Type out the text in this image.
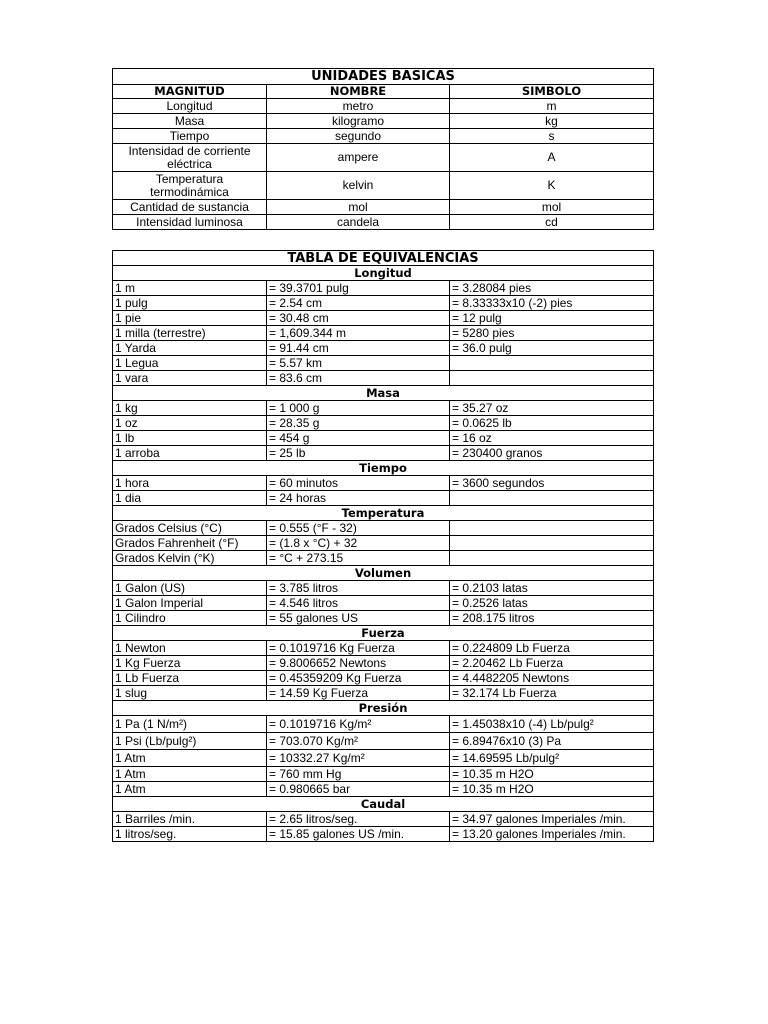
UNIDADES BASICAS		
MAGNITUD	NOMBRE	SIMBOLO
Longitud	metro	m
Masa	kilogramo	kg
Tiempo	segundo	s
Intensidad de corriente eléctrica	ampere	A
Temperatura termodinámica	kelvin	K
Cantidad de sustancia	mol	mol
Intensidad luminosa	candela	cd
TABLA DE EQUIVALENCIAS		
Longitud		
1 m	= 39.3701 pulg	= 3.28084 pies
1 pulg	= 2.54 cm	= 8.33333x10 (-2) pies
1 pie	= 30.48 cm	= 12 pulg
1 milla (terrestre)	= 1,609.344 m	= 5280 pies
1 Yarda	= 91.44 cm	= 36.0 pulg
1 Legua	= 5.57 km	
1 vara	= 83.6 cm	
Masa		
1 kg	= 1 000 g	= 35.27 oz
1 oz	= 28.35 g	= 0.0625 lb
1 lb	= 454 g	= 16 oz
1 arroba	= 25 lb	= 230400 granos
Tiempo		
1 hora	= 60 minutos	= 3600 segundos
1 dia	= 24 horas	
Temperatura		
Grados Celsius (°C)	= 0.555 (°F - 32)	
Grados Fahrenheit (°F)	= (1.8 x °C) + 32	
Grados Kelvin (°K)	= °C + 273.15	
Volumen		
1 Galon (US)	= 3.785 litros	= 0.2103 latas
1 Galon Imperial	= 4.546 litros	= 0.2526 latas
1 Cilindro	= 55 galones US	= 208.175 litros
Fuerza		
1 Newton	= 0.1019716 Kg Fuerza	= 0.224809 Lb Fuerza
1 Kg Fuerza	= 9.8006652 Newtons	= 2.20462 Lb Fuerza
1 Lb Fuerza	= 0.45359209 Kg Fuerza	= 4.4482205 Newtons
1 slug	= 14.59 Kg Fuerza	= 32.174 Lb Fuerza
Presión		
1 Pa (1 N/m²)	= 0.1019716 Kg/m²	= 1.45038x10 (-4) Lb/pulg²
1 Psi (Lb/pulg²)	= 703.070 Kg/m²	= 6.89476x10 (3) Pa
1 Atm	= 10332.27 Kg/m²	= 14.69595 Lb/pulg²
1 Atm	= 760 mm Hg	= 10.35 m H2O
1 Atm	= 0.980665 bar	= 10.35 m H2O
Caudal		
1 Barriles /min.	= 2.65 litros/seg.	= 34.97 galones Imperiales /min.
1 litros/seg.	= 15.85 galones US /min.	= 13.20 galones Imperiales /min.
